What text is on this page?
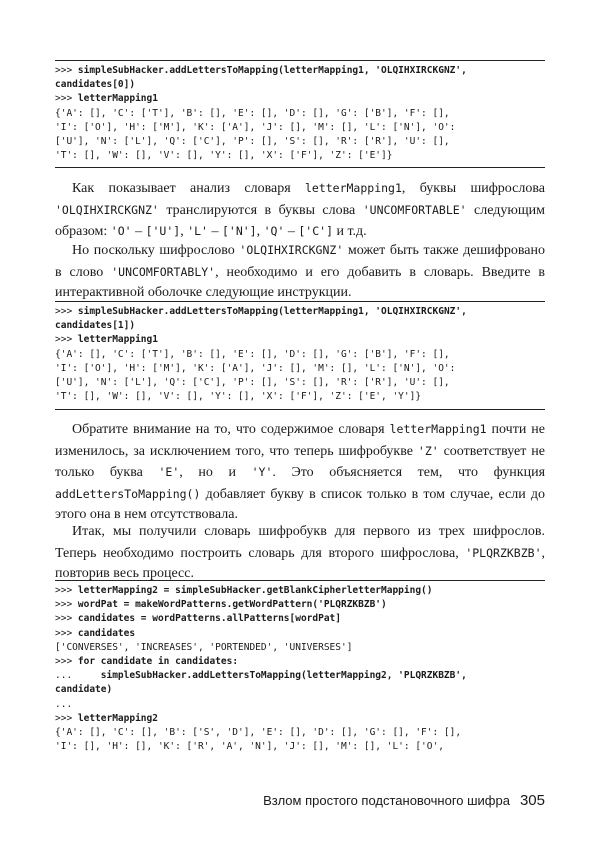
>>> simpleSubHacker.addLettersToMapping(letterMapping1, 'OLQIHXIRCKGNZ',
candidates[0])
>>> letterMapping1
{'A': [], 'C': ['T'], 'B': [], 'E': [], 'D': [], 'G': ['B'], 'F': [],
'I': ['O'], 'H': ['M'], 'K': ['A'], 'J': [], 'M': [], 'L': ['N'], 'O':
['U'], 'N': ['L'], 'Q': ['C'], 'P': [], 'S': [], 'R': ['R'], 'U': [],
'T': [], 'W': [], 'V': [], 'Y': [], 'X': ['F'], 'Z': ['E']}
Как показывает анализ словаря letterMapping1, буквы шифрослова 'OLQIHXIRCKGNZ' транслируются в буквы слова 'UNCOMFORTABLE' следующим образом: 'O' – ['U'], 'L' – ['N'], 'Q' – ['C'] и т.д.
Но поскольку шифрослово 'OLQIHXIRCKGNZ' может быть также дешифровано в слово 'UNCOMFORTABLY', необходимо и его добавить в словарь. Введите в интерактивной оболочке следующие инструкции.
>>> simpleSubHacker.addLettersToMapping(letterMapping1, 'OLQIHXIRCKGNZ',
candidates[1])
>>> letterMapping1
{'A': [], 'C': ['T'], 'B': [], 'E': [], 'D': [], 'G': ['B'], 'F': [],
'I': ['O'], 'H': ['M'], 'K': ['A'], 'J': [], 'M': [], 'L': ['N'], 'O':
['U'], 'N': ['L'], 'Q': ['C'], 'P': [], 'S': [], 'R': ['R'], 'U': [],
'T': [], 'W': [], 'V': [], 'Y': [], 'X': ['F'], 'Z': ['E', 'Y']}
Обратите внимание на то, что содержимое словаря letterMapping1 почти не изменилось, за исключением того, что теперь шифробукве 'Z' соответствует не только буква 'E', но и 'Y'. Это объясняется тем, что функция addLettersToMapping() добавляет букву в список только в том случае, если до этого она в нем отсутствовала.
Итак, мы получили словарь шифробукв для первого из трех шифрослов. Теперь необходимо построить словарь для второго шифрослова, 'PLQRZKBZB', повторив весь процесс.
>>> letterMapping2 = simpleSubHacker.getBlankCipherletterMapping()
>>> wordPat = makeWordPatterns.getWordPattern('PLQRZKBZB')
>>> candidates = wordPatterns.allPatterns[wordPat]
>>> candidates
['CONVERSES', 'INCREASES', 'PORTENDED', 'UNIVERSES']
>>> for candidate in candidates:
...     simpleSubHacker.addLettersToMapping(letterMapping2, 'PLQRZKBZB',
candidate)
...
>>> letterMapping2
{'A': [], 'C': [], 'B': ['S', 'D'], 'E': [], 'D': [], 'G': [], 'F': [],
'I': [], 'H': [], 'K': ['R', 'A', 'N'], 'J': [], 'M': [], 'L': ['O',
Взлом простого подстановочного шифра 305
